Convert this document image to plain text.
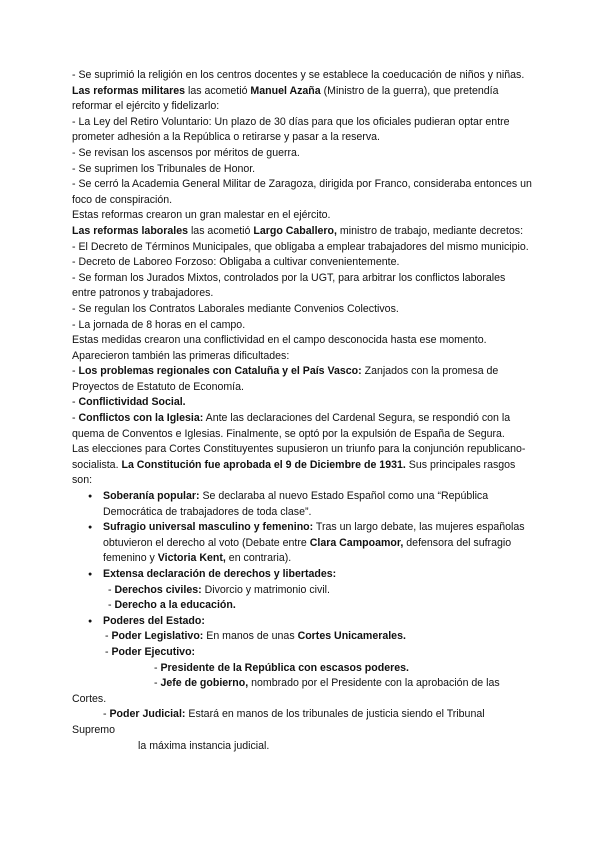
- Se suprimió la religión en los centros docentes y se establece la coeducación de niños y niñas.

Las reformas militares las acometió Manuel Azaña (Ministro de la guerra), que pretendía reformar el ejército y fidelizarlo:

- La Ley del Retiro Voluntario: Un plazo de 30 días para que los oficiales pudieran optar entre prometer adhesión a la República o retirarse y pasar a la reserva.

- Se revisan los ascensos por méritos de guerra.

- Se suprimen los Tribunales de Honor.

- Se cerró la Academia General Militar de Zaragoza, dirigida por Franco, consideraba entonces un foco de conspiración.

Estas reformas crearon un gran malestar en el ejército.

Las reformas laborales las acometió Largo Caballero, ministro de trabajo, mediante decretos:

- El Decreto de Términos Municipales, que obligaba a emplear trabajadores del mismo municipio.

- Decreto de Laboreo Forzoso: Obligaba a cultivar convenientemente.

- Se forman los Jurados Mixtos, controlados por la UGT, para arbitrar los conflictos laborales entre patronos y trabajadores.

- Se regulan los Contratos Laborales mediante Convenios Colectivos.

- La jornada de 8 horas en el campo.

Estas medidas crearon una conflictividad en el campo desconocida hasta ese momento.

Aparecieron también las primeras dificultades:

- Los problemas regionales con Cataluña y el País Vasco: Zanjados con la promesa de Proyectos de Estatuto de Economía.

- Conflictividad Social.

- Conflictos con la Iglesia: Ante las declaraciones del Cardenal Segura, se respondió con la quema de Conventos e Iglesias. Finalmente, se optó por la expulsión de España de Segura.

Las elecciones para Cortes Constituyentes supusieron un triunfo para la conjunción republicano-socialista. La Constitución fue aprobada el 9 de Diciembre de 1931. Sus principales rasgos son:

● Soberanía popular: Se declaraba al nuevo Estado Español como una “República Democrática de trabajadores de toda clase”.
● Sufragio universal masculino y femenino: Tras un largo debate, las mujeres españolas obtuvieron el derecho al voto (Debate entre Clara Campoamor, defensora del sufragio femenino y Victoria Kent, en contraria).
● Extensa declaración de derechos y libertades:

- Derechos civiles: Divorcio y matrimonio civil.

- Derecho a la educación.

● Poderes del Estado:

- Poder Legislativo: En manos de unas Cortes Unicamerales.

- Poder Ejecutivo:

- Presidente de la República con escasos poderes.

- Jefe de gobierno, nombrado por el Presidente con la aprobación de las

Cortes.

- Poder Judicial: Estará en manos de los tribunales de justicia siendo el Tribunal

Supremo

la máxima instancia judicial.
